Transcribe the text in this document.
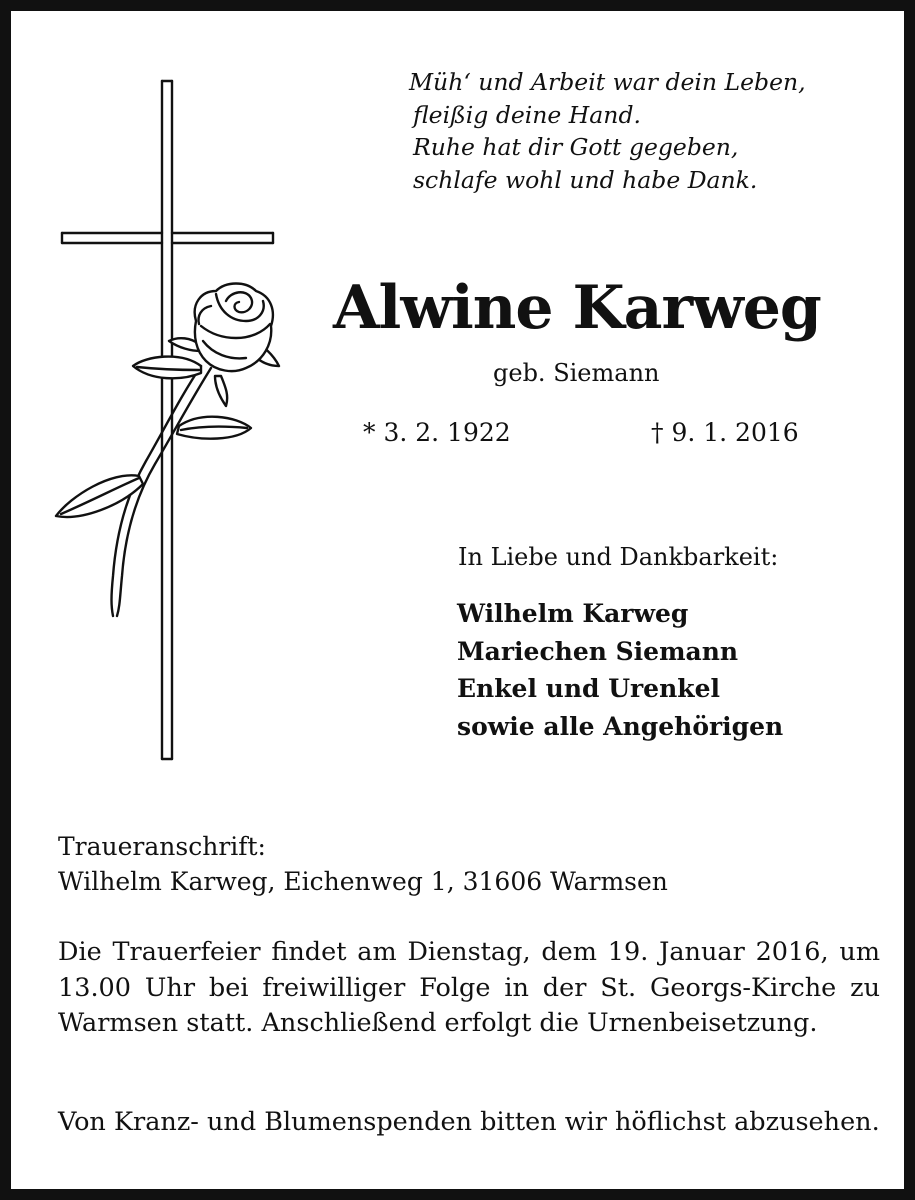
Müh‘ und Arbeit war dein Leben,
fleißig deine Hand.
Ruhe hat dir Gott gegeben,
schlafe wohl und habe Dank.
Alwine Karweg
geb. Siemann
* 3. 2. 1922	† 9. 1. 2016
In Liebe und Dankbarkeit:
Wilhelm Karweg
Mariechen Siemann
Enkel und Urenkel
sowie alle Angehörigen
Traueranschrift:
Wilhelm Karweg, Eichenweg 1, 31606 Warmsen

Die Trauerfeier findet am Dienstag, dem 19. Januar 2016, um 13.00 Uhr bei freiwilliger Folge in der St. Georgs-Kirche zu Warmsen statt. Anschließend erfolgt die Urnenbeisetzung.

Von Kranz- und Blumenspenden bitten wir höflichst abzusehen.
